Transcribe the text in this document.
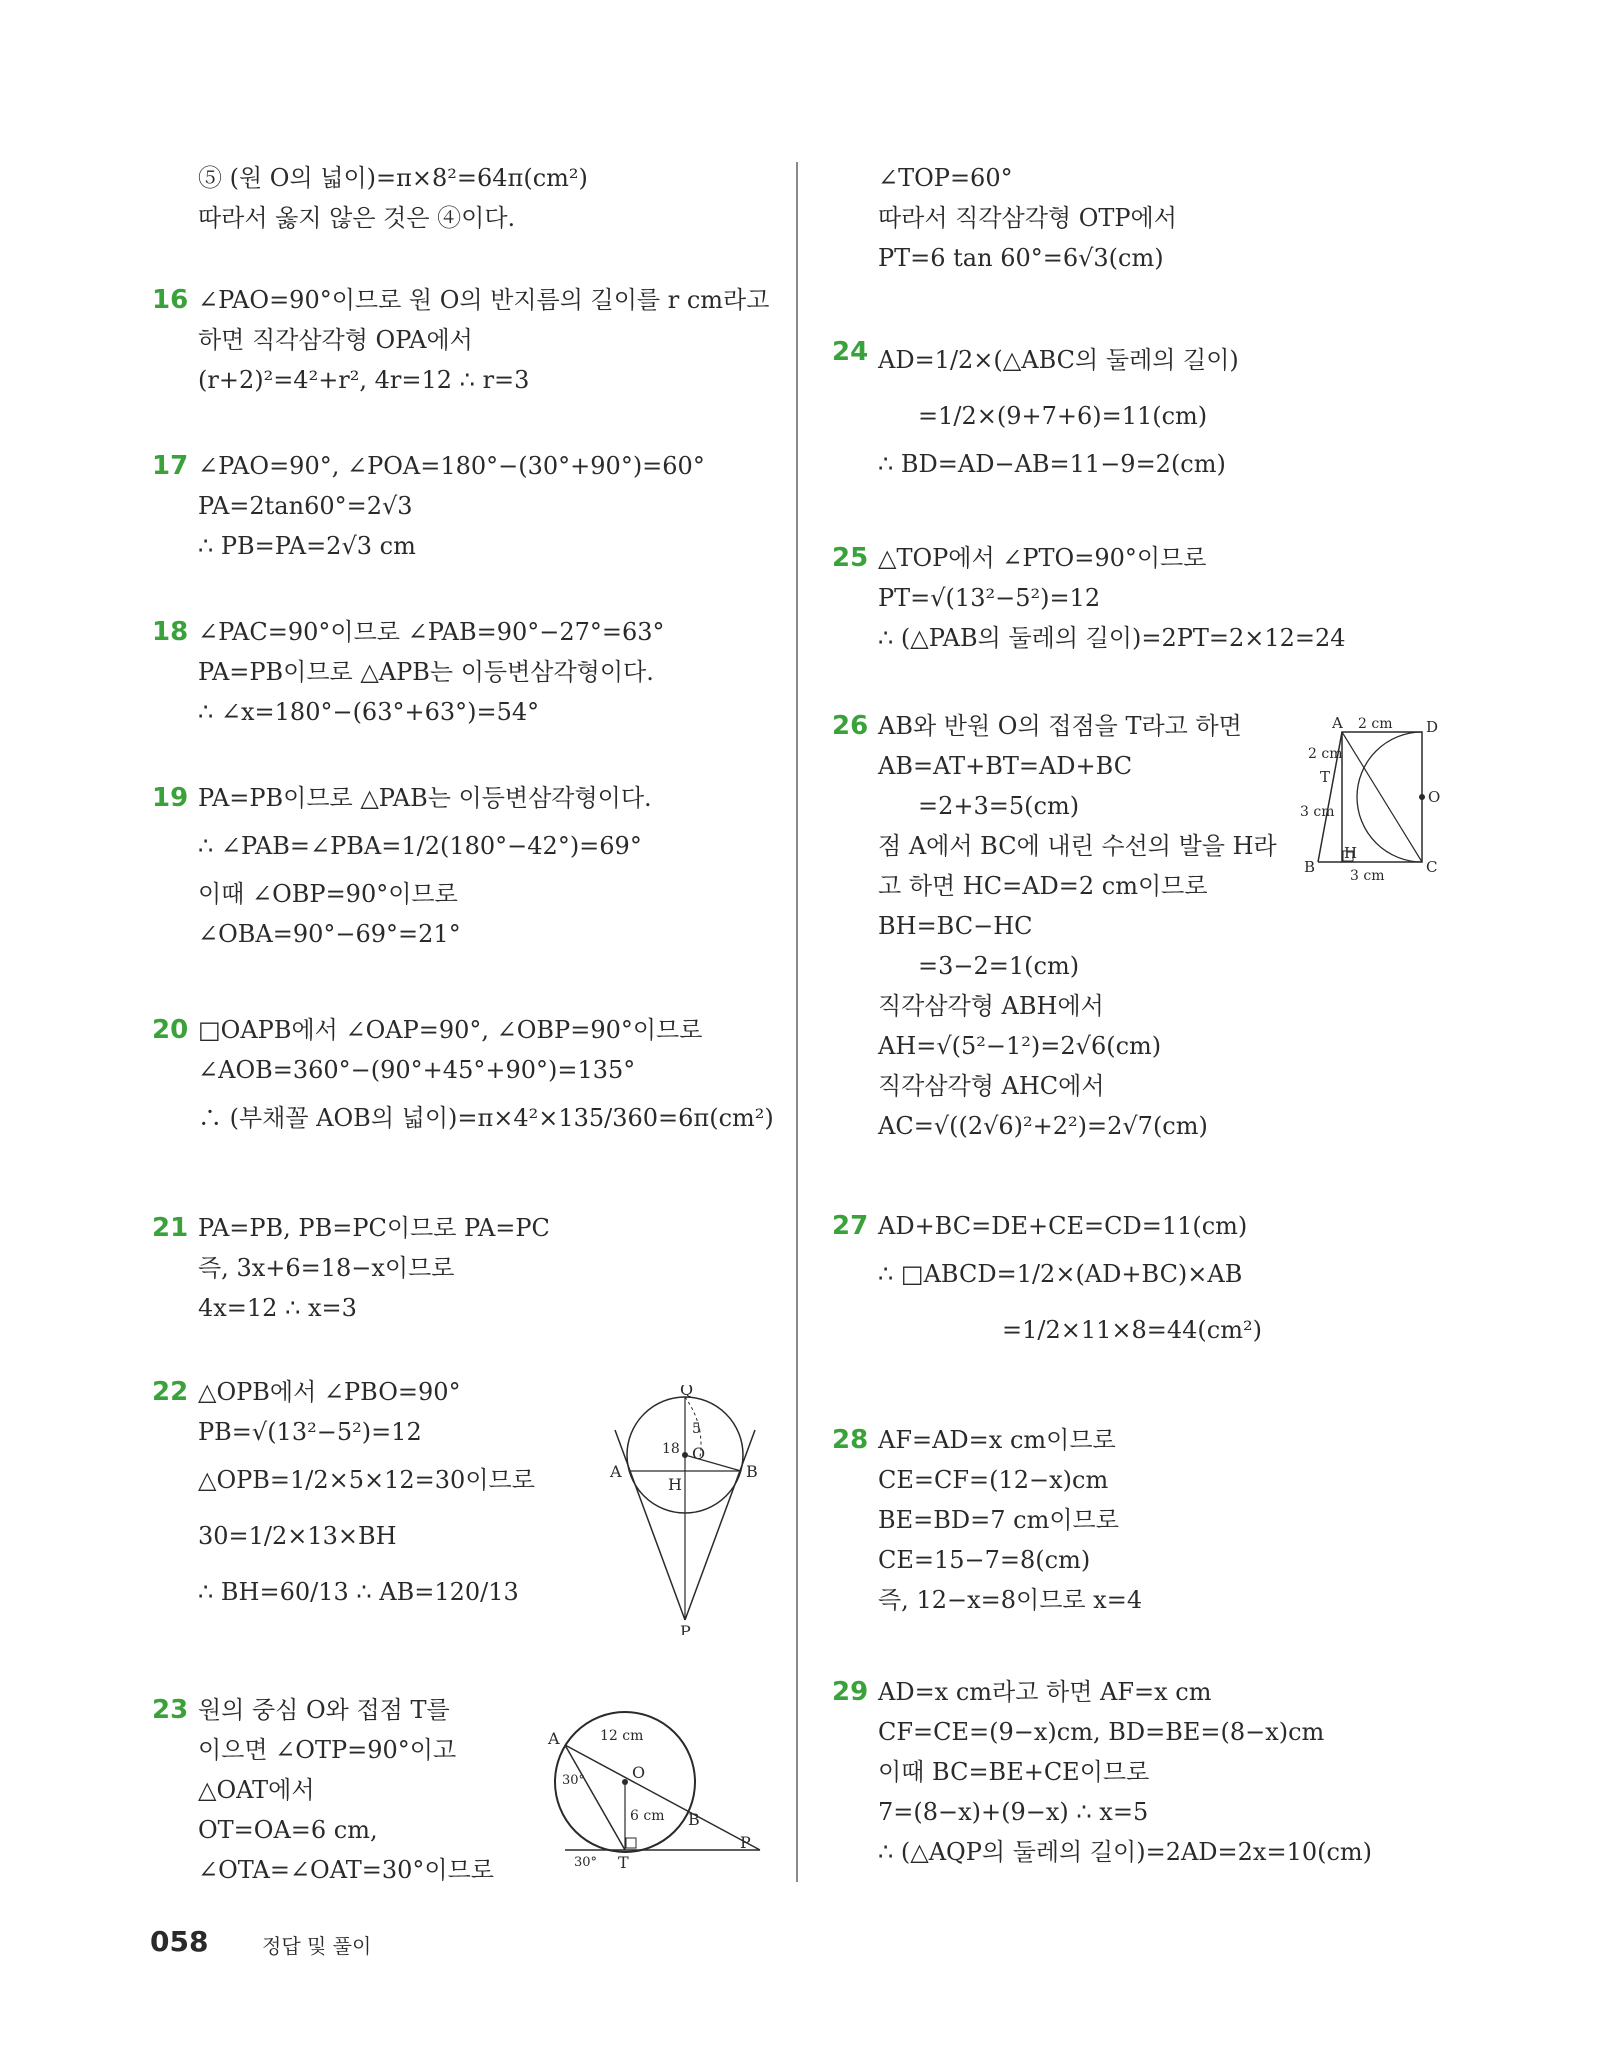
⑤ (원 O의 넓이)=π×8²=64π(cm²)
따라서 옳지 않은 것은 ④이다.
16 ∠PAO=90°이므로 원 O의 반지름의 길이를 r cm라고
하면 직각삼각형 OPA에서
(r+2)²=4²+r², 4r=12 ∴ r=3
17 ∠PAO=90°, ∠POA=180°−(30°+90°)=60°
PA=2tan60°=2√3
∴ PB=PA=2√3 cm
18 ∠PAC=90°이므로 ∠PAB=90°−27°=63°
PA=PB이므로 △APB는 이등변삼각형이다.
∴ ∠x=180°−(63°+63°)=54°
19 PA=PB이므로 △PAB는 이등변삼각형이다.
∴ ∠PAB=∠PBA=1/2(180°−42°)=69°
이때 ∠OBP=90°이므로
∠OBA=90°−69°=21°
20 □OAPB에서 ∠OAP=90°, ∠OBP=90°이므로
∠AOB=360°−(90°+45°+90°)=135°
∴ (부채꼴 AOB의 넓이)=π×4²×135/360=6π(cm²)
21 PA=PB, PB=PC이므로 PA=PC
즉, 3x+6=18−x이므로
4x=12 ∴ x=3
22 △OPB에서 ∠PBO=90°
PB=√(13²−5²)=12
△OPB=1/2×5×12=30이므로
30=1/2×13×BH
∴ BH=60/13 ∴ AB=120/13
23 원의 중심 O와 접점 T를
이으면 ∠OTP=90°이고
△OAT에서
OT=OA=6 cm,
∠OTA=∠OAT=30°이므로
Q
A	B
H
O
P
5
18
A
O
B
T
P
12 cm
6 cm
30°
30°
∠TOP=60°
따라서 직각삼각형 OTP에서
PT=6 tan 60°=6√3(cm)
24 AD=1/2×(△ABC의 둘레의 길이)
=1/2×(9+7+6)=11(cm)
∴ BD=AD−AB=11−9=2(cm)
25 △TOP에서 ∠PTO=90°이므로
PT=√(13²−5²)=12
∴ (△PAB의 둘레의 길이)=2PT=2×12=24
26 AB와 반원 O의 접점을 T라고 하면
AB=AT+BT=AD+BC
=2+3=5(cm)
점 A에서 BC에 내린 수선의 발을 H라
고 하면 HC=AD=2 cm이므로
BH=BC−HC
=3−2=1(cm)
직각삼각형 ABH에서
AH=√(5²−1²)=2√6(cm)
직각삼각형 AHC에서
AC=√((2√6)²+2²)=2√7(cm)
27 AD+BC=DE+CE=CD=11(cm)
∴ □ABCD=1/2×(AD+BC)×AB
=1/2×11×8=44(cm²)
28 AF=AD=x cm이므로
CE=CF=(12−x)cm
BE=BD=7 cm이므로
CE=15−7=8(cm)
즉, 12−x=8이므로 x=4
29 AD=x cm라고 하면 AF=x cm
CF=CE=(9−x)cm, BD=BE=(8−x)cm
이때 BC=BE+CE이므로
7=(8−x)+(9−x) ∴ x=5
∴ (△AQP의 둘레의 길이)=2AD=2x=10(cm)
A	D
T
O
B
H
C
2 cm
2 cm
3 cm
3 cm
058	정답 및 풀이
